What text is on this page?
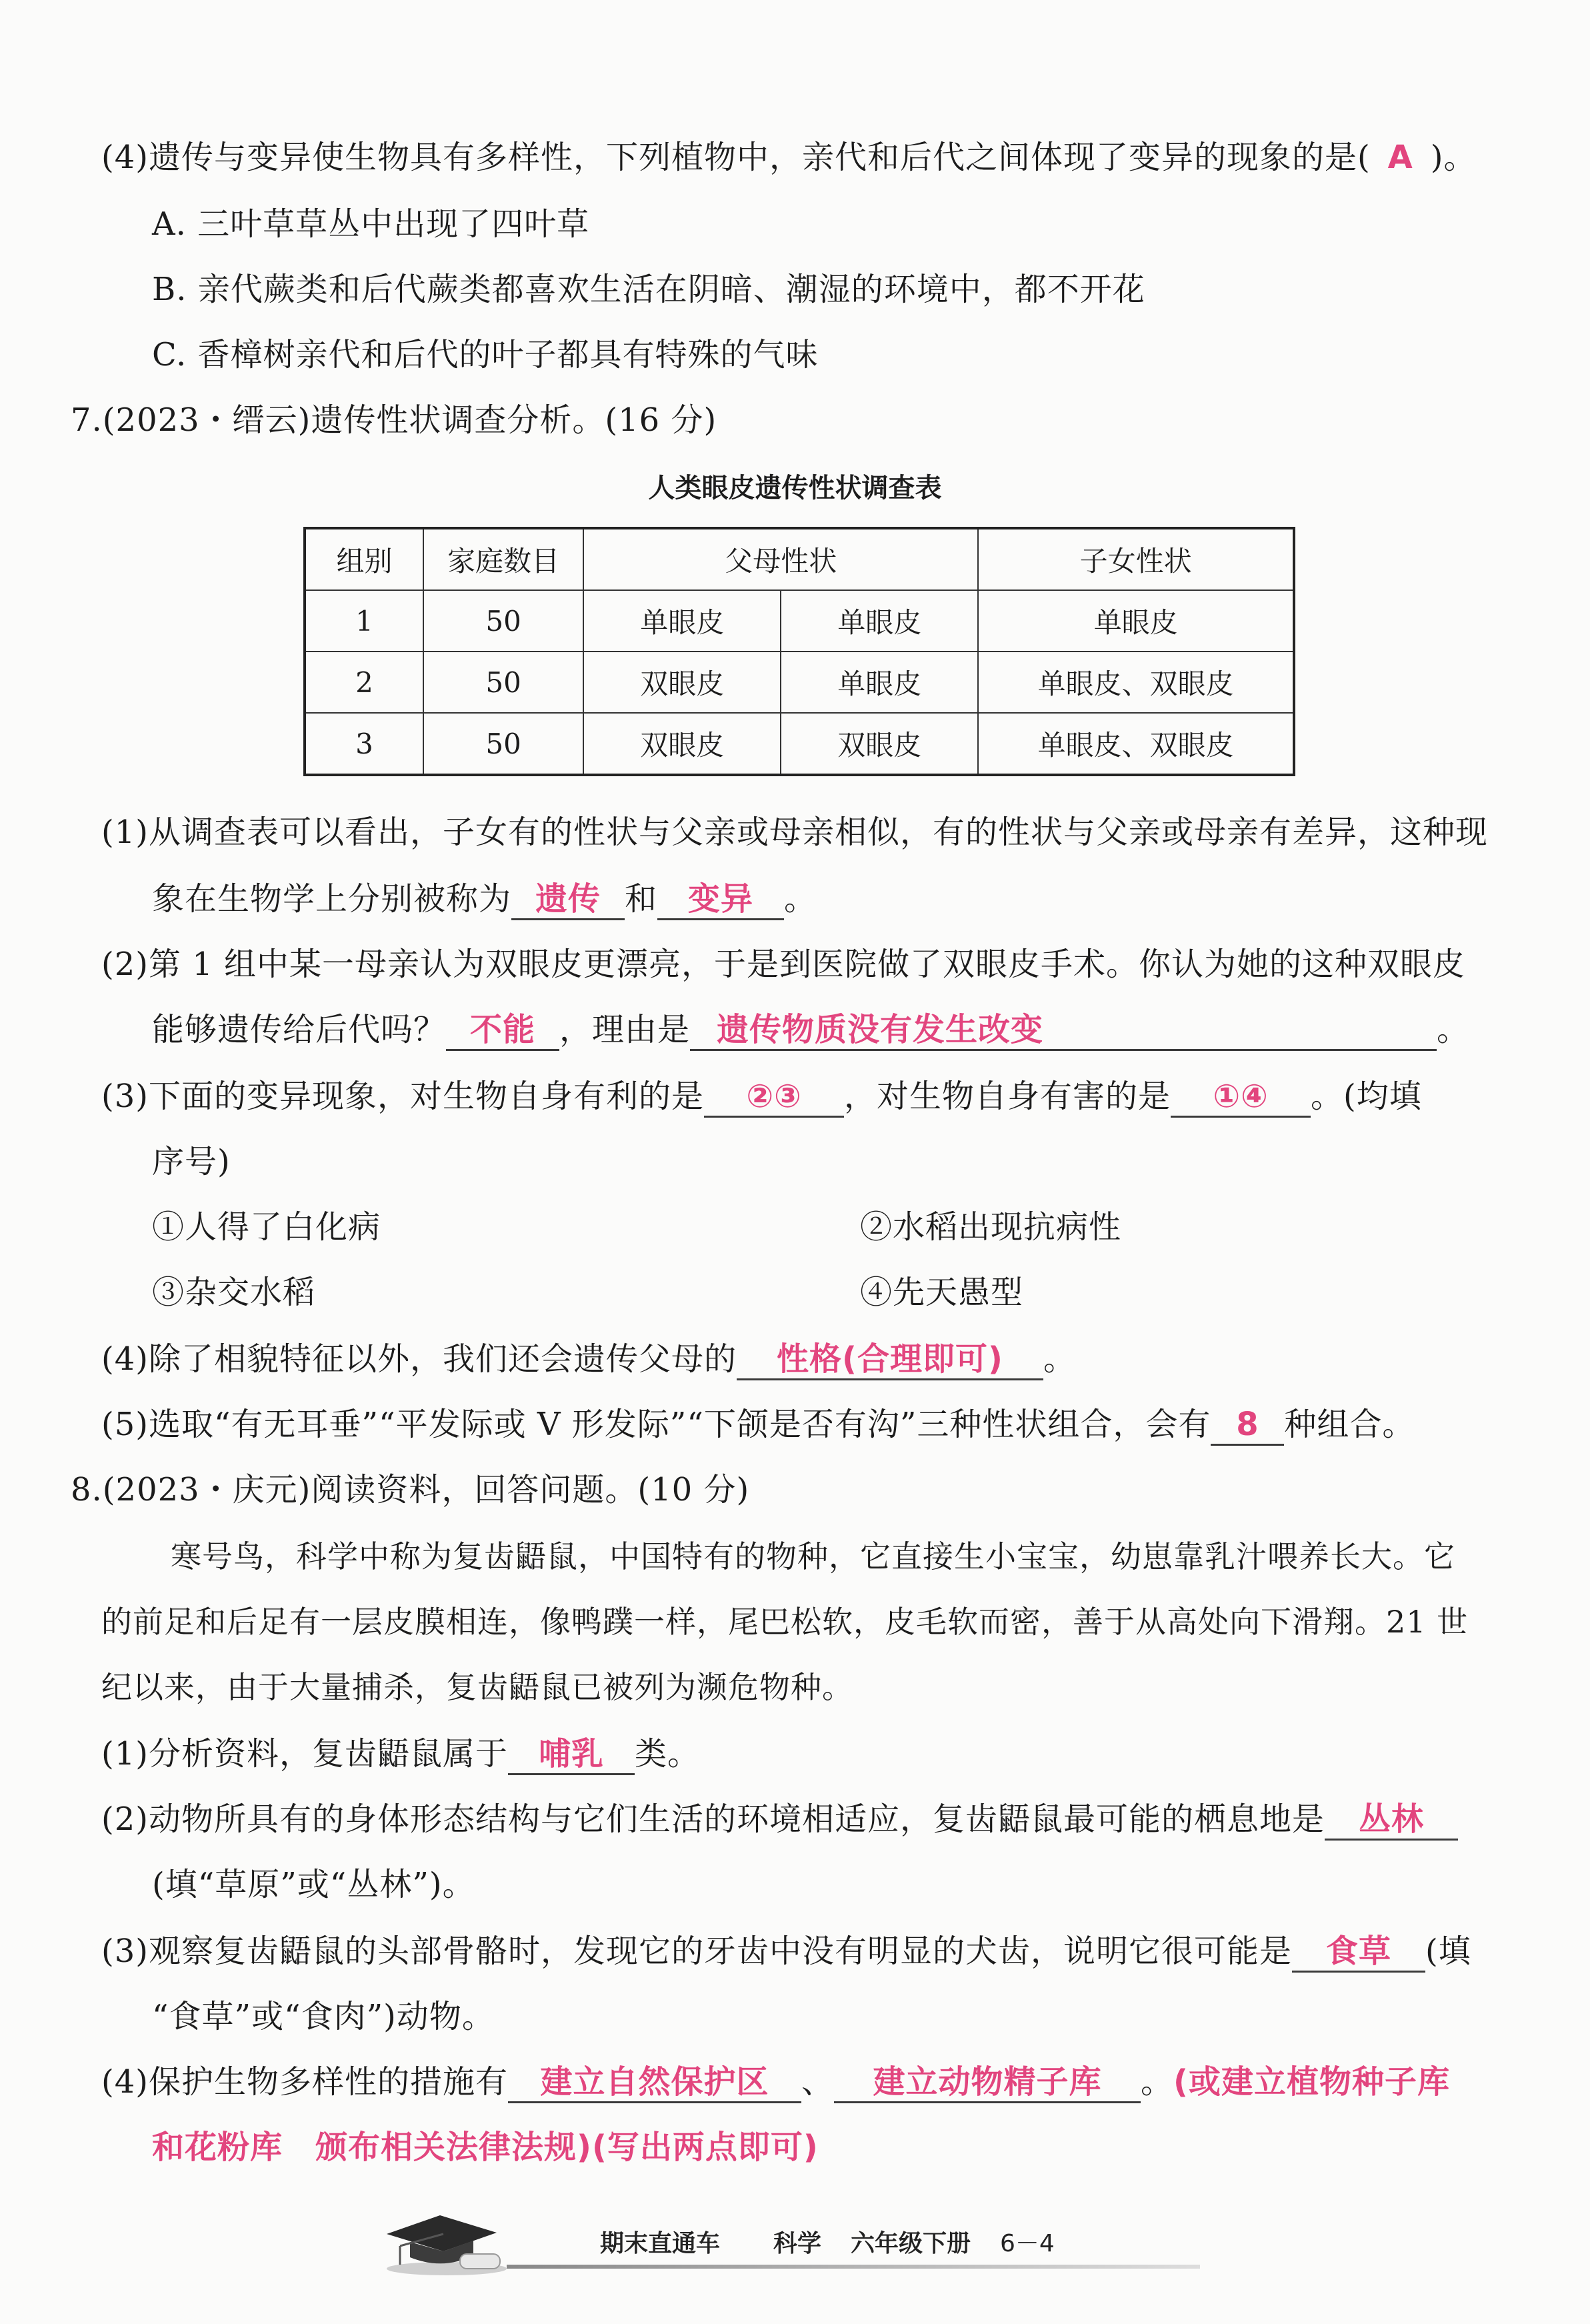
(4)遗传与变异使生物具有多样性，下列植物中，亲代和后代之间体现了变异的现象的是( A )。
A. 三叶草草丛中出现了四叶草
B. 亲代蕨类和后代蕨类都喜欢生活在阴暗、潮湿的环境中，都不开花
C. 香樟树亲代和后代的叶子都具有特殊的气味
7.(2023・缙云)遗传性状调查分析。(16 分)
人类眼皮遗传性状调查表
组别	家庭数目	父母性状		子女性状
1	50	单眼皮	单眼皮	单眼皮
2	50	双眼皮	单眼皮	单眼皮、双眼皮
3	50	双眼皮	双眼皮	单眼皮、双眼皮
(1)从调查表可以看出，子女有的性状与父亲或母亲相似，有的性状与父亲或母亲有差异，这种现
象在生物学上分别被称为 遗传 和 变异 。
(2)第 1 组中某一母亲认为双眼皮更漂亮，于是到医院做了双眼皮手术。你认为她的这种双眼皮
能够遗传给后代吗？ 不能 ，理由是 遗传物质没有发生改变	。
(3)下面的变异现象，对生物自身有利的是 ②③ ，对生物自身有害的是 ①④ 。(均填
序号)
①人得了白化病	②水稻出现抗病性
③杂交水稻	④先天愚型
(4)除了相貌特征以外，我们还会遗传父母的 性格(合理即可) 。
(5)选取“有无耳垂”“平发际或 V 形发际”“下颌是否有沟”三种性状组合，会有 8 种组合。
8.(2023・庆元)阅读资料，回答问题。(10 分)
寒号鸟，科学中称为复齿鼯鼠，中国特有的物种，它直接生小宝宝，幼崽靠乳汁喂养长大。它
的前足和后足有一层皮膜相连，像鸭蹼一样，尾巴松软，皮毛软而密，善于从高处向下滑翔。21 世
纪以来，由于大量捕杀，复齿鼯鼠已被列为濒危物种。
(1)分析资料，复齿鼯鼠属于 哺乳 类。
(2)动物所具有的身体形态结构与它们生活的环境相适应，复齿鼯鼠最可能的栖息地是 丛林
(填“草原”或“丛林”)。
(3)观察复齿鼯鼠的头部骨骼时，发现它的牙齿中没有明显的犬齿，说明它很可能是 食草 (填
“食草”或“食肉”)动物。
(4)保护生物多样性的措施有 建立自然保护区 、 建立动物精子库 。(或建立植物种子库
和花粉库　颁布相关法律法规)(写出两点即可)
期末直通车 科学 六年级下册 6－4
